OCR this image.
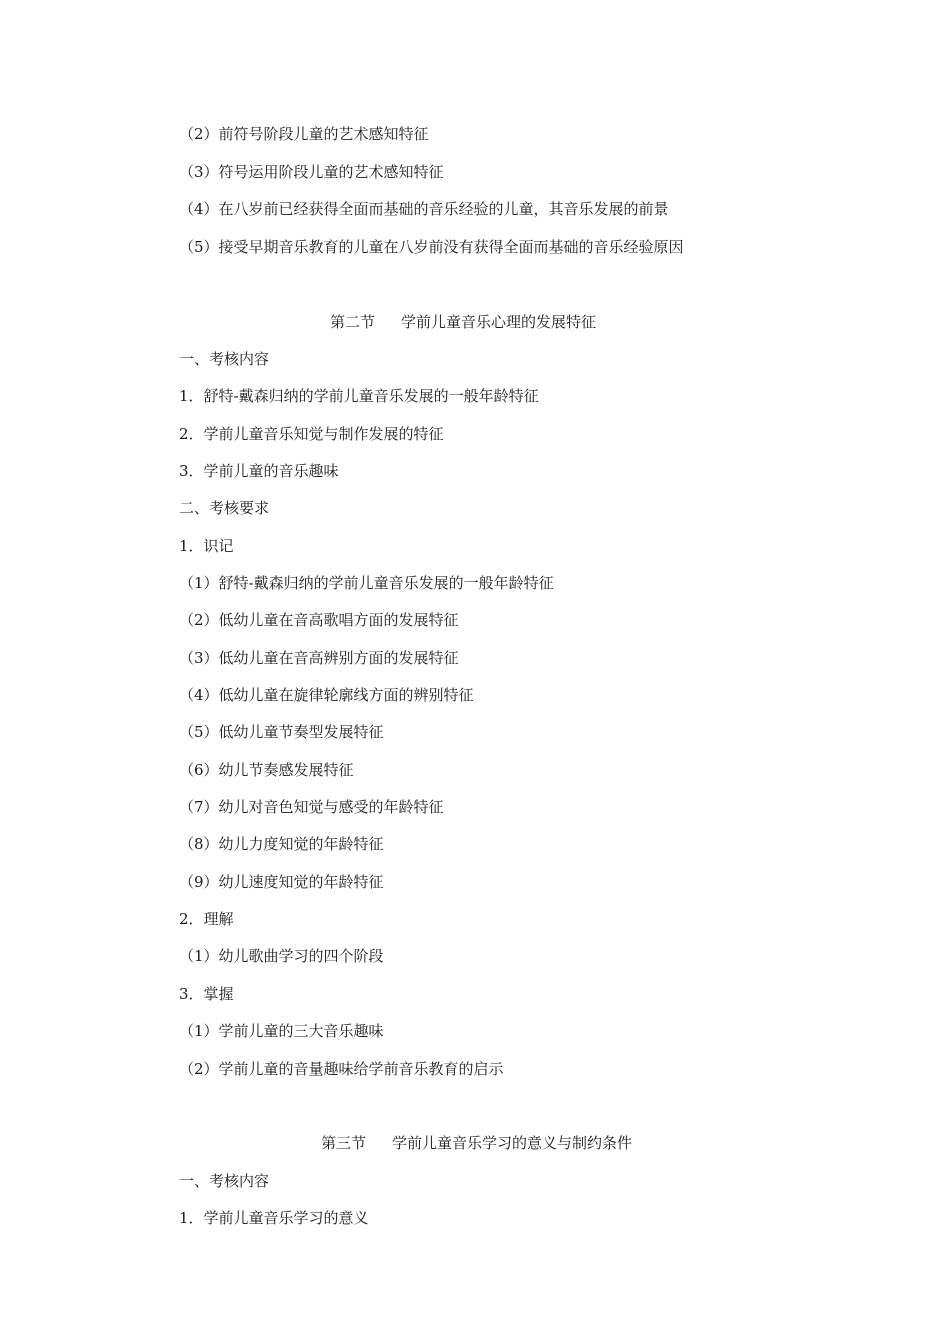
（2）前符号阶段儿童的艺术感知特征
（3）符号运用阶段儿童的艺术感知特征
（4）在八岁前已经获得全面而基础的音乐经验的儿童，其音乐发展的前景
（5）接受早期音乐教育的儿童在八岁前没有获得全面而基础的音乐经验原因
第二节 学前儿童音乐心理的发展特征
一、考核内容
1．舒特-戴森归纳的学前儿童音乐发展的一般年龄特征
2．学前儿童音乐知觉与制作发展的特征
3．学前儿童的音乐趣味
二、考核要求
1．识记
（1）舒特-戴森归纳的学前儿童音乐发展的一般年龄特征
（2）低幼儿童在音高歌唱方面的发展特征
（3）低幼儿童在音高辨别方面的发展特征
（4）低幼儿童在旋律轮廓线方面的辨别特征
（5）低幼儿童节奏型发展特征
（6）幼儿节奏感发展特征
（7）幼儿对音色知觉与感受的年龄特征
（8）幼儿力度知觉的年龄特征
（9）幼儿速度知觉的年龄特征
2．理解
（1）幼儿歌曲学习的四个阶段
3．掌握
（1）学前儿童的三大音乐趣味
（2）学前儿童的音量趣味给学前音乐教育的启示
第三节 学前儿童音乐学习的意义与制约条件
一、考核内容
1．学前儿童音乐学习的意义
